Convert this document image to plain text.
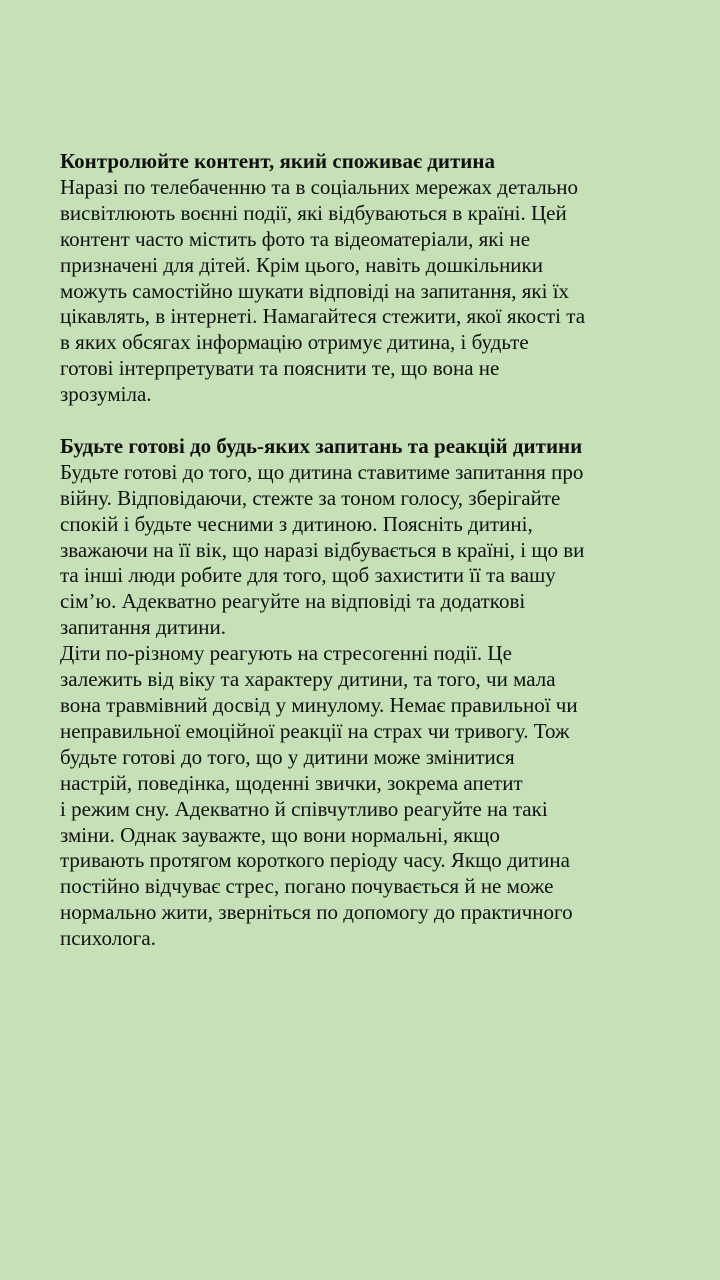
Контролюйте контент, який споживає дитина
Наразі по телебаченню та в соціальних мережах детально
висвітлюють воєнні події, які відбуваються в країні. Цей
контент часто містить фото та відеоматеріали, які не
призначені для дітей. Крім цього, навіть дошкільники
можуть самостійно шукати відповіді на запитання, які їх
цікавлять, в інтернеті. Намагайтеся стежити, якої якості та
в яких обсягах інформацію отримує дитина, і будьте
готові інтерпретувати та пояснити те, що вона не
зрозуміла.
Будьте готові до будь-яких запитань та реакцій дитини
Будьте готові до того, що дитина ставитиме запитання про
війну. Відповідаючи, стежте за тоном голосу, зберігайте
спокій і будьте чесними з дитиною. Поясніть дитині,
зважаючи на її вік, що наразі відбувається в країні, і що ви
та інші люди робите для того, щоб захистити її та вашу
сім’ю. Адекватно реагуйте на відповіді та додаткові
запитання дитини.
Діти по-різному реагують на стресогенні події. Це
залежить від віку та характеру дитини, та того, чи мала
вона травмівний досвід у минулому. Немає правильної чи
неправильної емоційної реакції на страх чи тривогу. Тож
будьте готові до того, що у дитини може змінитися
настрій, поведінка, щоденні звички, зокрема апетит
і режим сну. Адекватно й співчутливо реагуйте на такі
зміни. Однак зауважте, що вони нормальні, якщо
тривають протягом короткого періоду часу. Якщо дитина
постійно відчуває стрес, погано почувається й не може
нормально жити, зверніться по допомогу до практичного
психолога.
